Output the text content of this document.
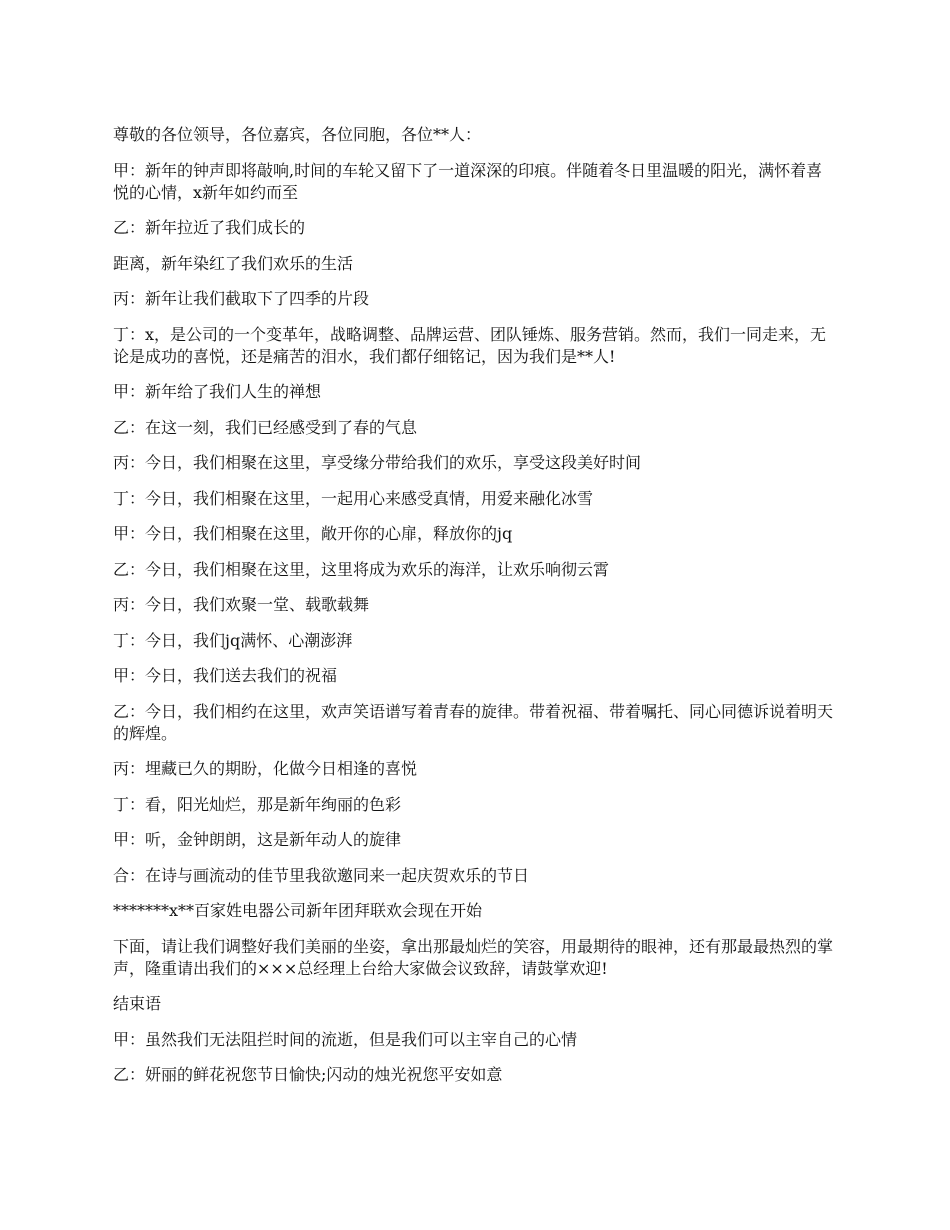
尊敬的各位领导，各位嘉宾，各位同胞，各位**人：

甲：新年的钟声即将敲响,时间的车轮又留下了一道深深的印痕。伴随着冬日里温暖的阳光，满怀着喜悦的心情，x新年如约而至

乙：新年拉近了我们成长的

距离，新年染红了我们欢乐的生活

丙：新年让我们截取下了四季的片段

丁：x，是公司的一个变革年，战略调整、品牌运营、团队锤炼、服务营销。然而，我们一同走来，无论是成功的喜悦，还是痛苦的泪水，我们都仔细铭记，因为我们是**人!

甲：新年给了我们人生的禅想

乙：在这一刻，我们已经感受到了春的气息

丙：今日，我们相聚在这里，享受缘分带给我们的欢乐，享受这段美好时间

丁：今日，我们相聚在这里，一起用心来感受真情，用爱来融化冰雪

甲：今日，我们相聚在这里，敞开你的心扉，释放你的jq

乙：今日，我们相聚在这里，这里将成为欢乐的海洋，让欢乐响彻云霄

丙：今日，我们欢聚一堂、载歌载舞

丁：今日，我们jq满怀、心潮澎湃

甲：今日，我们送去我们的祝福

乙：今日，我们相约在这里，欢声笑语谱写着青春的旋律。带着祝福、带着嘱托、同心同德诉说着明天的辉煌。

丙：埋藏已久的期盼，化做今日相逢的喜悦

丁：看，阳光灿烂，那是新年绚丽的色彩

甲：听，金钟朗朗，这是新年动人的旋律

合：在诗与画流动的佳节里我欲邀同来一起庆贺欢乐的节日

*******x**百家姓电器公司新年团拜联欢会现在开始

下面，请让我们调整好我们美丽的坐姿，拿出那最灿烂的笑容，用最期待的眼神，还有那最最热烈的掌声，隆重请出我们的×××总经理上台给大家做会议致辞，请鼓掌欢迎!

结束语

甲：虽然我们无法阻拦时间的流逝，但是我们可以主宰自己的心情

乙：妍丽的鲜花祝您节日愉快;闪动的烛光祝您平安如意
